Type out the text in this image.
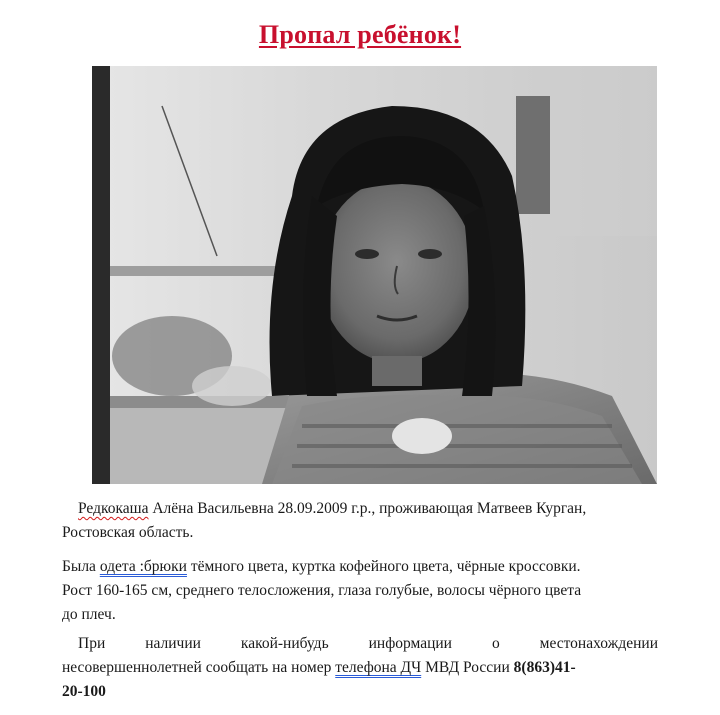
Пропал ребёнок!
Редкокаша Алёна Васильевна 28.09.2009 г.р., проживающая Матвеев Курган,
Ростовская область.
Была одета :брюки тёмного цвета, куртка кофейного цвета, чёрные кроссовки.
Рост 160-165 см, среднего телосложения, глаза голубые, волосы чёрного цвета
до плеч.
При наличии какой-нибудь информации о местонахождении
несовершеннолетней сообщать на номер телефона ДЧ МВД России 8(863)41-
20-100
